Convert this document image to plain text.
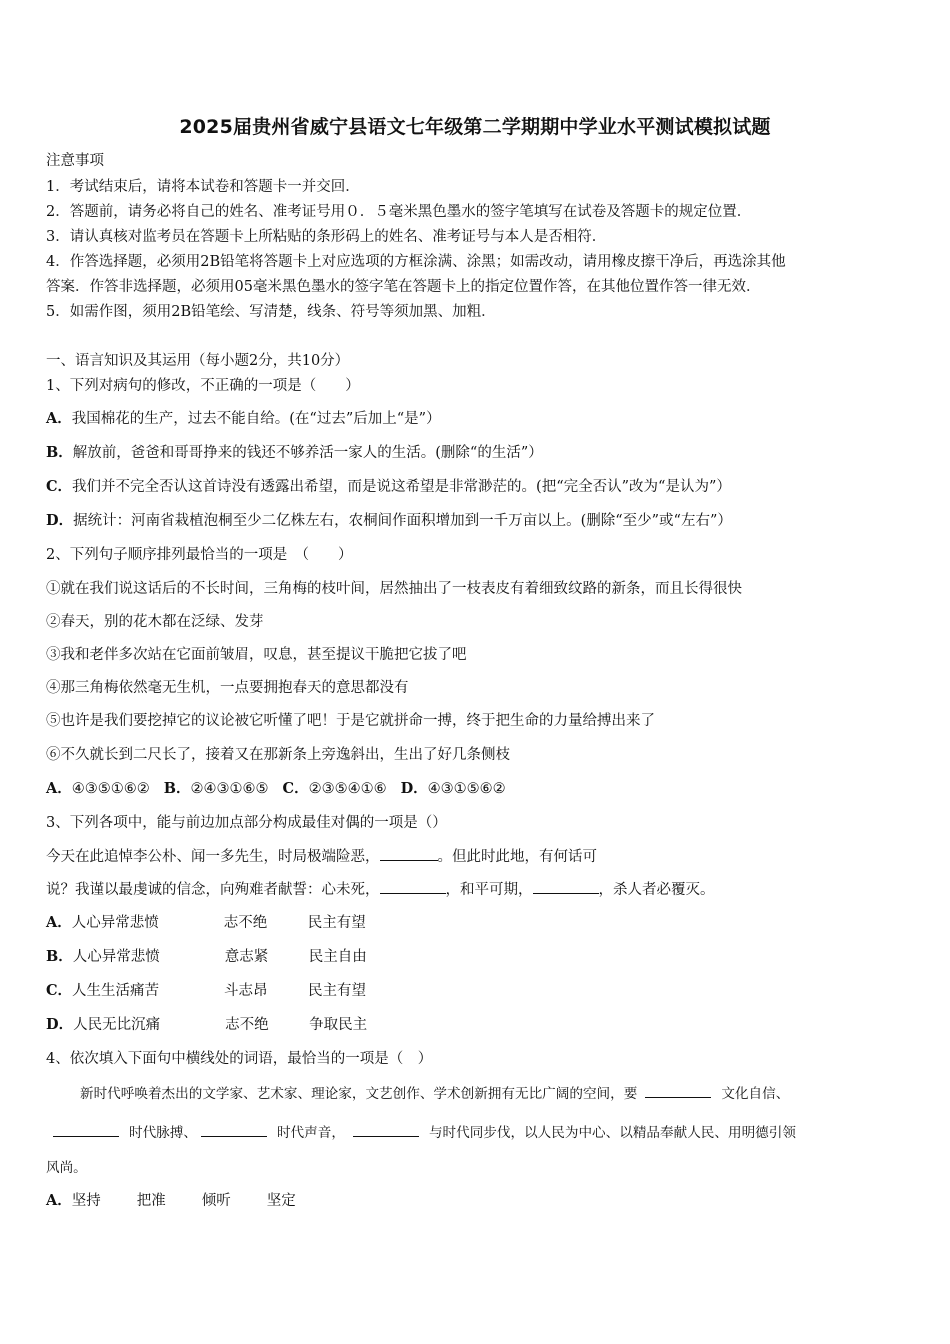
2025届贵州省威宁县语文七年级第二学期期中学业水平测试模拟试题
注意事项
1．考试结束后，请将本试卷和答题卡一并交回．
2．答题前，请务必将自己的姓名、准考证号用０．５毫米黑色墨水的签字笔填写在试卷及答题卡的规定位置．
3．请认真核对监考员在答题卡上所粘贴的条形码上的姓名、准考证号与本人是否相符．
4．作答选择题，必须用2B铅笔将答题卡上对应选项的方框涂满、涂黑；如需改动，请用橡皮擦干净后，再选涂其他
答案．作答非选择题，必须用05毫米黑色墨水的签字笔在答题卡上的指定位置作答，在其他位置作答一律无效．
5．如需作图，须用2B铅笔绘、写清楚，线条、符号等须加黑、加粗．
一、语言知识及其运用（每小题2分，共10分）
1、下列对病句的修改，不正确的一项是（　　）
A．我国棉花的生产，过去不能自给。(在“过去”后加上“是”）
B．解放前，爸爸和哥哥挣来的钱还不够养活一家人的生活。(删除“的生活”）
C．我们并不完全否认这首诗没有透露出希望，而是说这希望是非常渺茫的。(把“完全否认”改为“是认为”）
D．据统计：河南省栽植泡桐至少二亿株左右，农桐间作面积增加到一千万亩以上。(删除“至少”或“左右”）
2、下列句子顺序排列最恰当的一项是　（　　）
①就在我们说这话后的不长时间，三角梅的枝叶间，居然抽出了一枝表皮有着细致纹路的新条，而且长得很快
②春天，别的花木都在泛绿、发芽
③我和老伴多次站在它面前皱眉，叹息，甚至提议干脆把它拔了吧
④那三角梅依然毫无生机，一点要拥抱春天的意思都没有
⑤也许是我们要挖掉它的议论被它听懂了吧！于是它就拼命一搏，终于把生命的力量给搏出来了
⑥不久就长到二尺长了，接着又在那新条上旁逸斜出，生出了好几条侧枝
A．④③⑤①⑥② B．②④③①⑥⑤ C．②③⑤④①⑥ D．④③①⑤⑥②
3、下列各项中，能与前边加点部分构成最佳对偶的一项是（）
今天在此追悼李公朴、闻一多先生，时局极端险恶，	。但此时此地，有何话可
说？我谨以最虔诚的信念，向殉难者献誓：心未死，	，和平可期，	，杀人者必覆灭。
A．人心异常悲愤	志不绝	民主有望
B．人心异常悲愤	意志紧	民主自由
C．人生生活痛苦	斗志昂	民主有望
D．人民无比沉痛	志不绝	争取民主
4、依次填入下面句中横线处的词语，最恰当的一项是（　）
新时代呼唤着杰出的文学家、艺术家、理论家，文艺创作、学术创新拥有无比广阔的空间，要	文化自信、
时代脉搏、	时代声音，	与时代同步伐，以人民为中心、以精品奉献人民、用明德引领
风尚。
A．坚持 把准 倾听 坚定
